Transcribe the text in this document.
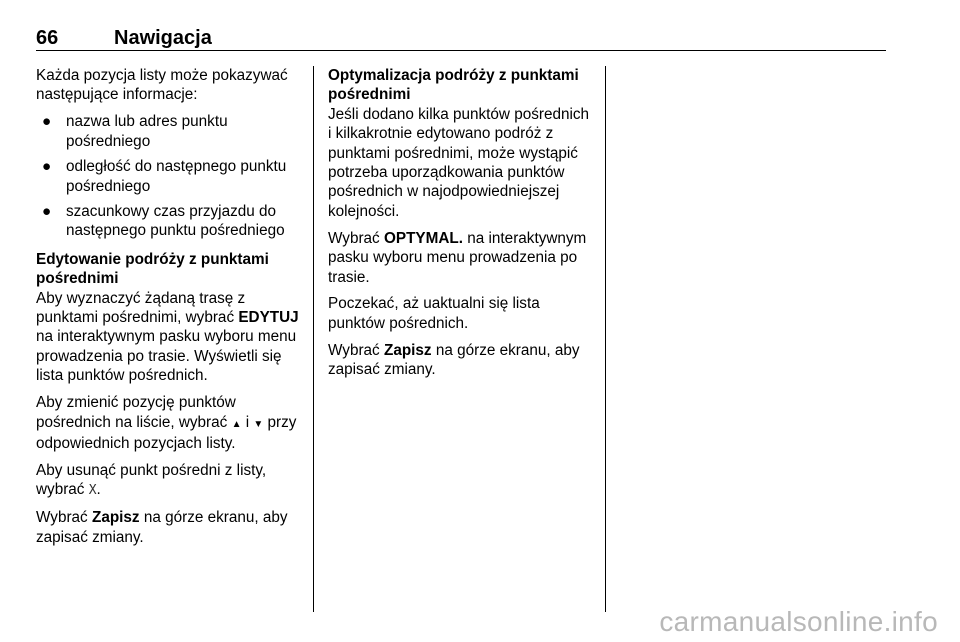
66	Nawigacja

Każda pozycja listy może pokazywać następujące informacje:

● nazwa lub adres punktu pośredniego
● odległość do następnego punktu pośredniego
● szacunkowy czas przyjazdu do następnego punktu pośredniego
Edytowanie podróży z punktami pośrednimi

Aby wyznaczyć żądaną trasę z punktami pośrednimi, wybrać EDYTUJ na interaktywnym pasku wyboru menu prowadzenia po trasie. Wyświetli się lista punktów pośrednich.

Aby zmienić pozycję punktów pośrednich na liście, wybrać ▲ i ▼ przy odpowiednich pozycjach listy.

Aby usunąć punkt pośredni z listy, wybrać X.

Wybrać Zapisz na górze ekranu, aby zapisać zmiany.

Optymalizacja podróży z punktami pośrednimi

Jeśli dodano kilka punktów pośrednich i kilkakrotnie edytowano podróż z punktami pośrednimi, może wystąpić potrzeba uporządkowania punktów pośrednich w najodpowiedniejszej kolejności.

Wybrać OPTYMAL. na interaktywnym pasku wyboru menu prowadzenia po trasie.

Poczekać, aż uaktualni się lista punktów pośrednich.

Wybrać Zapisz na górze ekranu, aby zapisać zmiany.

carmanualsonline.info
